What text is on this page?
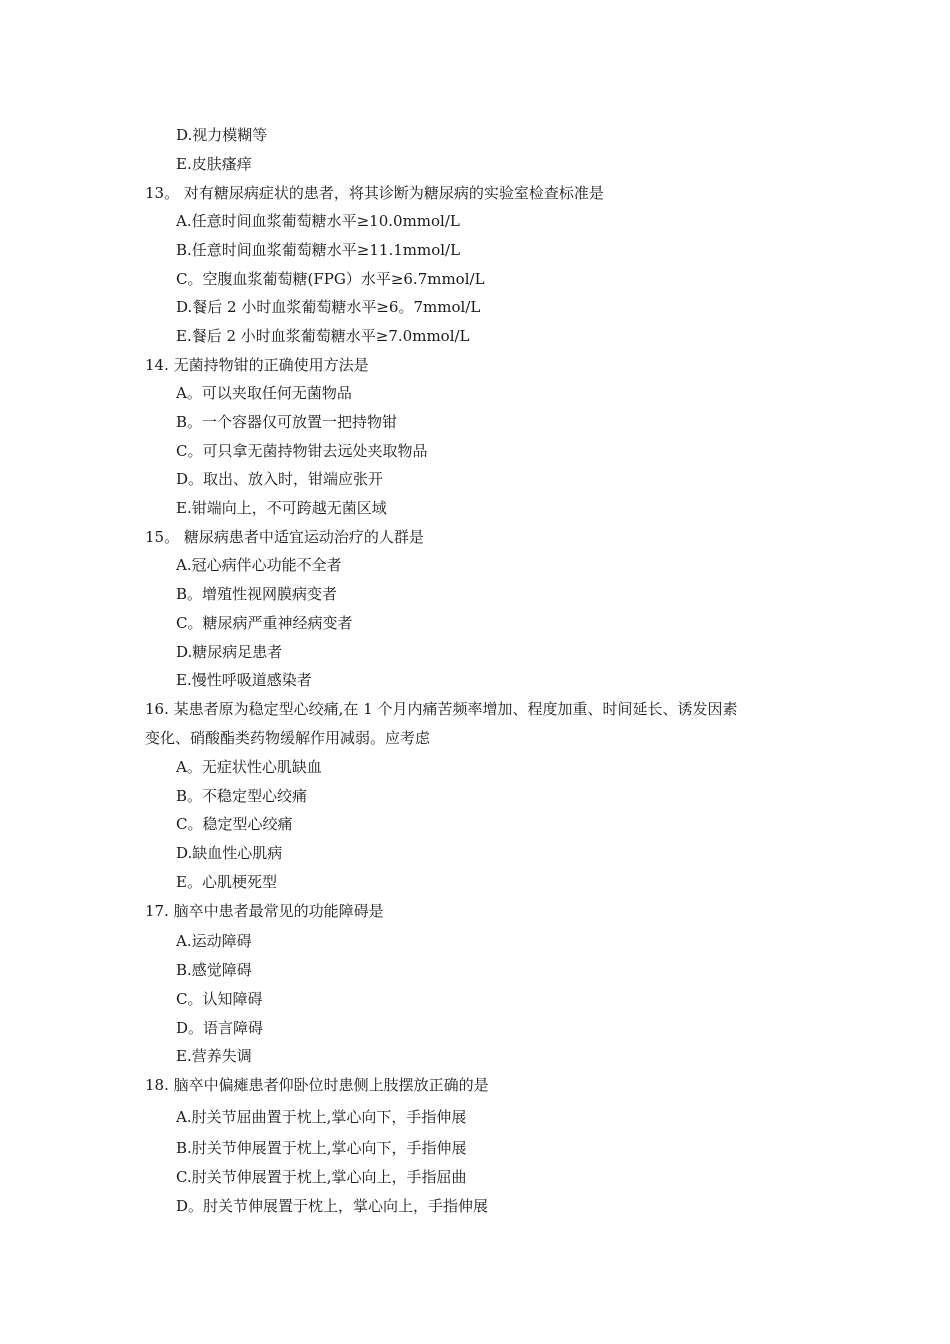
D.视力模糊等
E.皮肤瘙痒
13。 对有糖尿病症状的患者，将其诊断为糖尿病的实验室检查标准是
A.任意时间血浆葡萄糖水平≥10.0mmol/L
B.任意时间血浆葡萄糖水平≥11.1mmol/L
C。空腹血浆葡萄糖(FPG）水平≥6.7mmol/L
D.餐后 2 小时血浆葡萄糖水平≥6。7mmol/L
E.餐后 2 小时血浆葡萄糖水平≥7.0mmol/L
14. 无菌持物钳的正确使用方法是
A。可以夹取任何无菌物品
B。一个容器仅可放置一把持物钳
C。可只拿无菌持物钳去远处夹取物品
D。取出、放入时，钳端应张开
E.钳端向上，不可跨越无菌区域
15。 糖尿病患者中适宜运动治疗的人群是
A.冠心病伴心功能不全者
B。增殖性视网膜病变者
C。糖尿病严重神经病变者
D.糖尿病足患者
E.慢性呼吸道感染者
16. 某患者原为稳定型心绞痛,在 1 个月内痛苦频率增加、程度加重、时间延长、诱发因素
变化、硝酸酯类药物缓解作用减弱。应考虑
A。无症状性心肌缺血
B。不稳定型心绞痛
C。稳定型心绞痛
D.缺血性心肌病
E。心肌梗死型
17. 脑卒中患者最常见的功能障碍是
A.运动障碍
B.感觉障碍
C。认知障碍
D。语言障碍
E.营养失调
18. 脑卒中偏瘫患者仰卧位时患侧上肢摆放正确的是
A.肘关节屈曲置于枕上,掌心向下，手指伸展
B.肘关节伸展置于枕上,掌心向下，手指伸展
C.肘关节伸展置于枕上,掌心向上，手指屈曲
D。肘关节伸展置于枕上，掌心向上，手指伸展
